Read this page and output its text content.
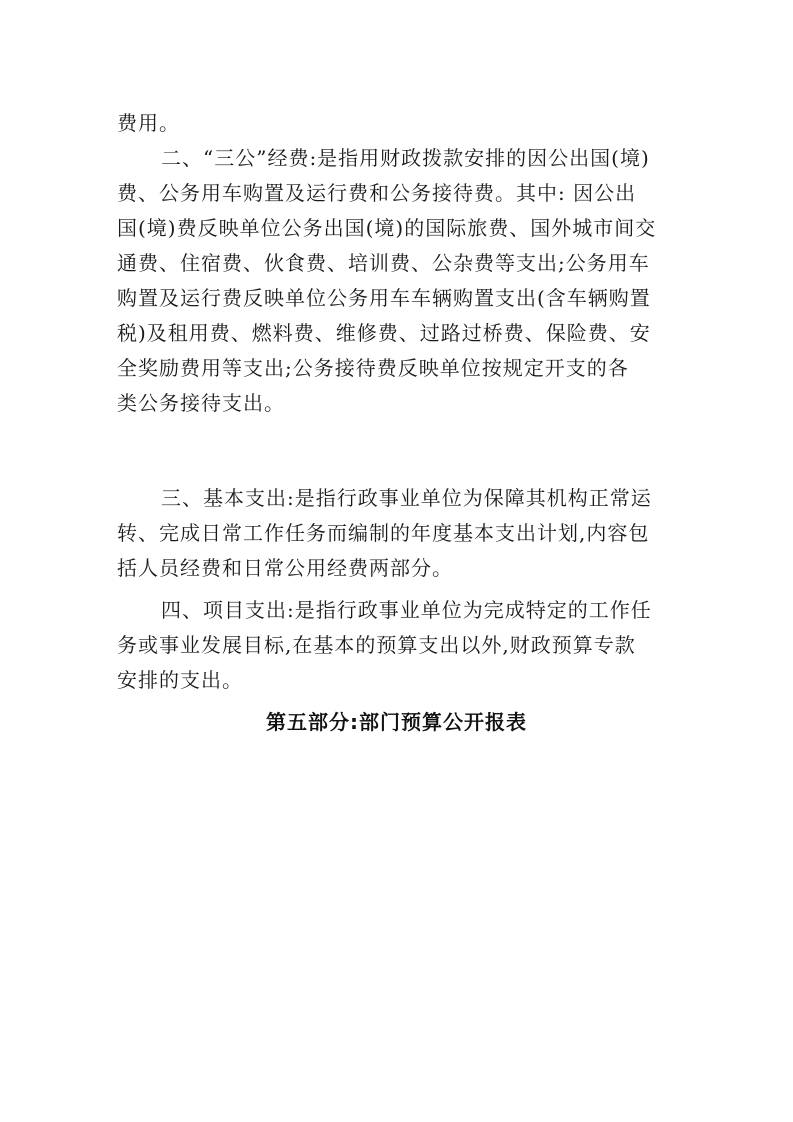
费用。
二、“三公”经费:是指用财政拨款安排的因公出国(境)
费、公务用车购置及运行费和公务接待费。其中: 因公出
国(境)费反映单位公务出国(境)的国际旅费、国外城市间交
通费、住宿费、伙食费、培训费、公杂费等支出;公务用车
购置及运行费反映单位公务用车车辆购置支出(含车辆购置
税)及租用费、燃料费、维修费、过路过桥费、保险费、安
全奖励费用等支出;公务接待费反映单位按规定开支的各
类公务接待支出。
三、基本支出:是指行政事业单位为保障其机构正常运
转、完成日常工作任务而编制的年度基本支出计划,内容包
括人员经费和日常公用经费两部分。
四、项目支出:是指行政事业单位为完成特定的工作任
务或事业发展目标,在基本的预算支出以外,财政预算专款
安排的支出。
第五部分:部门预算公开报表
